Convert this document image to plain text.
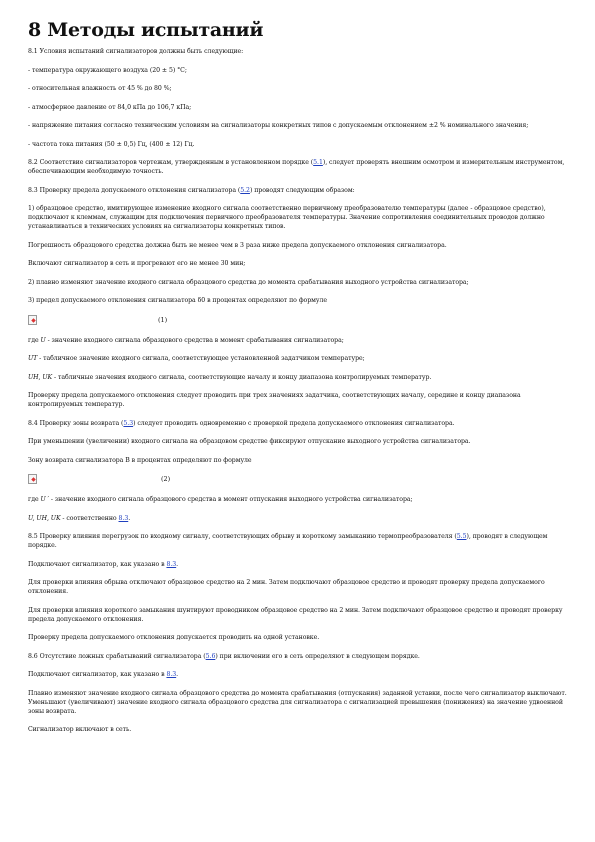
8 Методы испытаний

8.1 Условия испытаний сигнализаторов должны быть следующие:

- температура окружающего воздуха (20 ± 5) °С;

- относительная влажность от 45 % до 80 %;

- атмосферное давление от 84,0 кПа до 106,7 кПа;

- напряжение питания согласно техническим условиям на сигнализаторы конкретных типов с допускаемым отклонением ±2 % номинального значения;

- частота тока питания (50 ± 0,5) Гц, (400 ± 12) Гц.

8.2 Соответствие сигнализаторов чертежам, утвержденным в установленном порядке (5.1), следует проверять внешним осмотром и измерительным инструментом, обеспечивающим необходимую точность.

8.3 Проверку предела допускаемого отклонения сигнализатора (5.2) проводят следующим образом:

1) образцовое средство, имитирующее изменение входного сигнала соответственно первичному преобразователю температуры (далее - образцовое средство), подключают к клеммам, служащим для подключения первичного преобразователя температуры. Значение сопротивления соединительных проводов должно устанавливаться в технических условиях на сигнализаторы конкретных типов.

Погрешность образцового средства должна быть не менее чем в 3 раза ниже предела допускаемого отклонения сигнализатора.

Включают сигнализатор в сеть и прогревают его не менее 30 мин;

2) плавно изменяют значение входного сигнала образцового средства до момента срабатывания выходного устройства сигнализатора;

3) предел допускаемого отклонения сигнализатора δ0 в процентах определяют по формуле

(1)

где U - значение входного сигнала образцового средства в момент срабатывания сигнализатора;

UT - табличное значение входного сигнала, соответствующее установленной задатчиком температуре;

UH, UK - табличные значения входного сигнала, соответствующие началу и концу диапазона контролируемых температур.

Проверку предела допускаемого отклонения следует проводить при трех значениях задатчика, соответствующих началу, середине и концу диапазона контролируемых температур.

8.4 Проверку зоны возврата (5.3) следует проводить одновременно с проверкой предела допускаемого отклонения сигнализатора.

При уменьшении (увеличении) входного сигнала на образцовом средстве фиксируют отпускание выходного устройства сигнализатора.

Зону возврата сигнализатора В в процентах определяют по формуле

(2)

где U ′ - значение входного сигнала образцового средства в момент отпускания выходного устройства сигнализатора;

U, UH, UK - соответственно 8.3.

8.5 Проверку влияния перегрузок по входному сигналу, соответствующих обрыву и короткому замыканию термопреобразователя (5.5), проводят в следующем порядке.

Подключают сигнализатор, как указано в 8.3.

Для проверки влияния обрыва отключают образцовое средство на 2 мин. Затем подключают образцовое средство и проводят проверку предела допускаемого отклонения.

Для проверки влияния короткого замыкания шунтируют проводником образцовое средство на 2 мин. Затем подключают образцовое средство и проводят проверку предела допускаемого отклонения.

Проверку предела допускаемого отклонения допускается проводить на одной установке.

8.6 Отсутствие ложных срабатываний сигнализатора (5.6) при включении его в сеть определяют в следующем порядке.

Подключают сигнализатор, как указано в 8.3.

Плавно изменяют значение входного сигнала образцового средства до момента срабатывания (отпускания) заданной уставки, после чего сигнализатор выключают. Уменьшают (увеличивают) значение входного сигнала образцового средства для сигнализатора с сигнализацией превышения (понижения) на значение удвоенной зоны возврата.

Сигнализатор включают в сеть.
